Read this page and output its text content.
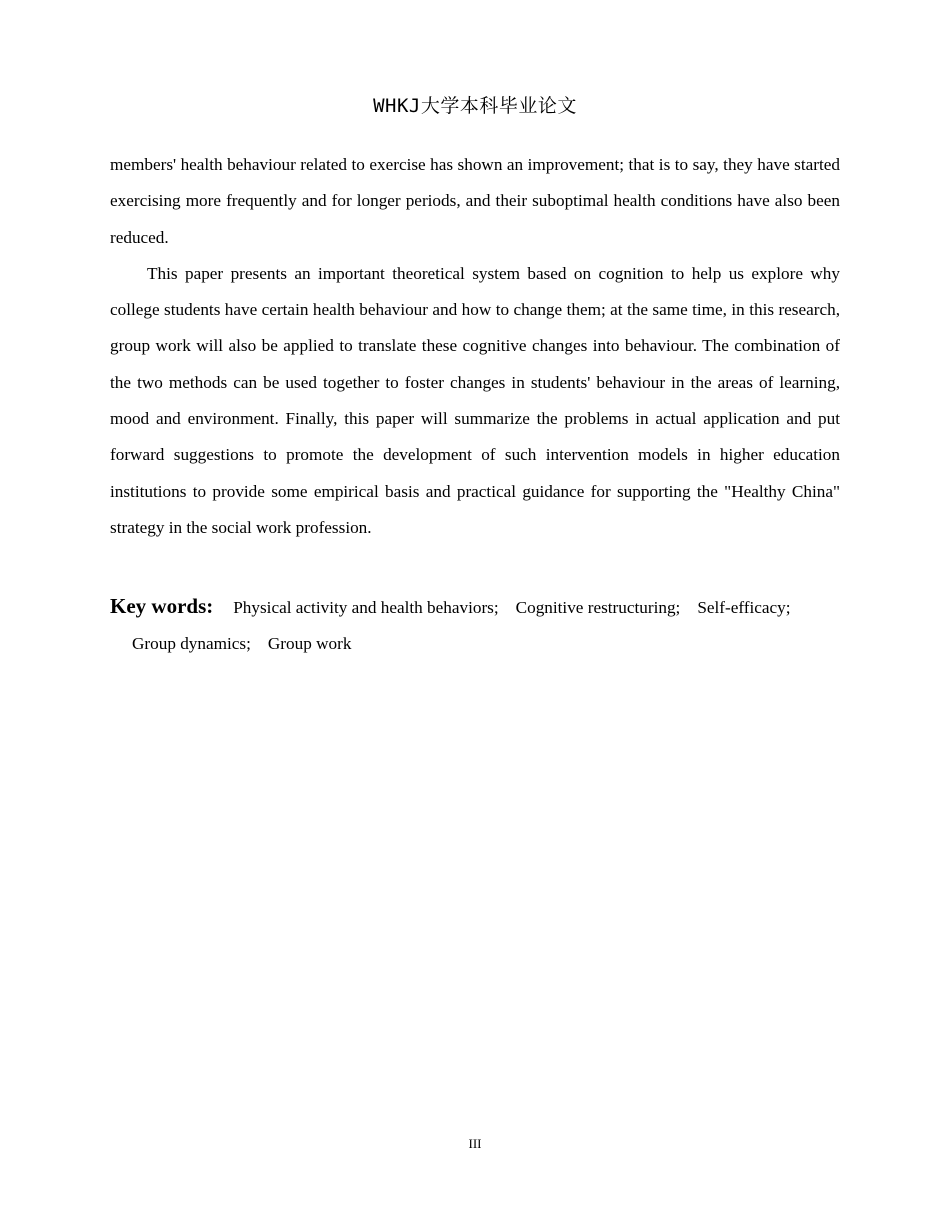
WHKJ大学本科毕业论文

members' health behaviour related to exercise has shown an improvement; that is to say, they have started exercising more frequently and for longer periods, and their suboptimal health conditions have also been reduced.

This paper presents an important theoretical system based on cognition to help us explore why college students have certain health behaviour and how to change them; at the same time, in this research, group work will also be applied to translate these cognitive changes into behaviour. The combination of the two methods can be used together to foster changes in students' behaviour in the areas of learning, mood and environment. Finally, this paper will summarize the problems in actual application and put forward suggestions to promote the development of such intervention models in higher education institutions to provide some empirical basis and practical guidance for supporting the "Healthy China" strategy in the social work profession.

Key words: Physical activity and health behaviors; Cognitive restructuring; Self-efficacy;
Group dynamics; Group work
III
